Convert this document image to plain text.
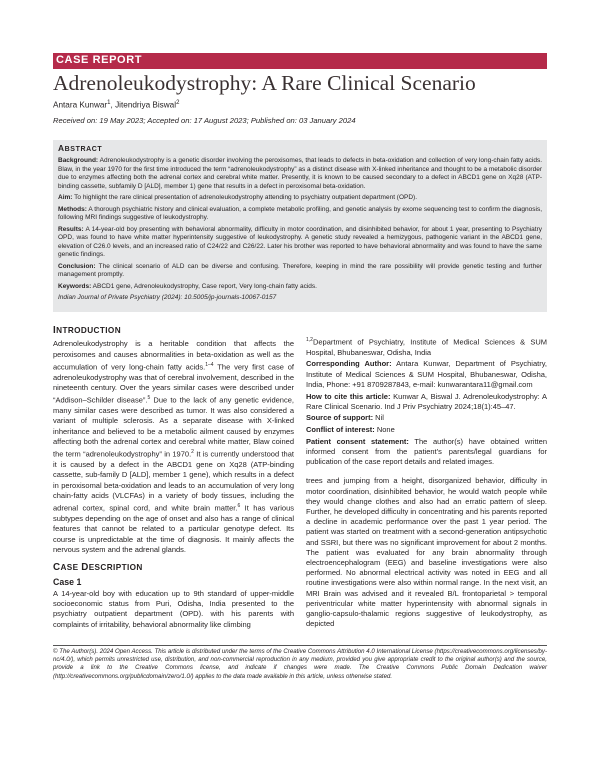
CASE REPORT
Adrenoleukodystrophy: A Rare Clinical Scenario
Antara Kunwar$^1$, Jitendriya Biswal$^2$
Received on: 19 May 2023; Accepted on: 17 August 2023; Published on: 03 January 2024
ABSTRACT

Background: Adrenoleukodystrophy is a genetic disorder involving the peroxisomes, that leads to defects in beta-oxidation and collection of very long-chain fatty acids. Blaw, in the year 1970 for the first time introduced the term “adrenoleukodystrophy” as a distinct disease with X-linked inheritance and thought to be a metabolic disorder due to enzymes affecting both the adrenal cortex and cerebral white matter. Presently, it is known to be caused secondary to a defect in ABCD1 gene on Xq28 (ATP- binding cassette, subfamily D [ALD], member 1) gene that results in a defect in peroxisomal beta-oxidation.

Aim: To highlight the rare clinical presentation of adrenoleukodystrophy attending to psychiatry outpatient department (OPD).

Methods: A thorough psychiatric history and clinical evaluation, a complete metabolic profiling, and genetic analysis by exome sequencing test to confirm the diagnosis, following MRI findings suggestive of leukodystrophy.

Results: A 14-year-old boy presenting with behavioral abnormality, difficulty in motor coordination, and disinhibited behavior, for about 1 year, presenting to Psychiatry OPD, was found to have white matter hyperintensity suggestive of leukodystrophy. A genetic study revealed a hemizygous, pathogenic variant in the ABCD1 gene, elevation of C26.0 levels, and an increased ratio of C24/22 and C26/22. Later his brother was reported to have behavioral abnormality and was found to have the same genetic findings.

Conclusion: The clinical scenario of ALD can be diverse and confusing. Therefore, keeping in mind the rare possibility will provide genetic testing and further management promptly.

Keywords: ABCD1 gene, Adrenoleukodystrophy, Case report, Very long-chain fatty acids.

Indian Journal of Private Psychiatry (2024): 10.5005/jp-journals-10067-0157

INTRODUCTION

Adrenoleukodystrophy is a heritable condition that affects the peroxisomes and causes abnormalities in beta-oxidation as well as the accumulation of very long-chain fatty acids.$^{1-4}$ The very first case of adrenoleukodystrophy was that of cerebral involvement, described in the nineteenth century. Over the years similar cases were described under “Addison–Schilder disease”.$^5$ Due to the lack of any genetic evidence, many similar cases were described as tumor. It was also considered a variant of multiple sclerosis. As a separate disease with X-linked inheritance and believed to be a metabolic ailment caused by enzymes affecting both the adrenal cortex and cerebral white matter, Blaw coined the term “adrenoleukodystrophy” in 1970.$^2$ It is currently understood that it is caused by a defect in the ABCD1 gene on Xq28 (ATP-binding cassette, sub-family D [ALD], member 1 gene), which results in a defect in peroxisomal beta-oxidation and leads to an accumulation of very long chain-fatty acids (VLCFAs) in a variety of body tissues, including the adrenal cortex, spinal cord, and white brain matter.$^6$ It has various subtypes depending on the age of onset and also has a range of clinical features that cannot be related to a particular genotype defect. Its course is unpredictable at the time of diagnosis. It mainly affects the nervous system and the adrenal glands.

CASE DESCRIPTION
Case 1

A 14-year-old boy with education up to 9th standard of upper-middle socioeconomic status from Puri, Odisha, India presented to the psychiatry outpatient department (OPD). with his parents with complaints of irritability, behavioral abnormality like climbing

$^{1,2}$Department of Psychiatry, Institute of Medical Sciences & SUM Hospital, Bhubaneswar, Odisha, India

Corresponding Author: Antara Kunwar, Department of Psychiatry, Institute of Medical Sciences & SUM Hospital, Bhubaneswar, Odisha, India, Phone: +91 8709287843, e-mail: kunwarantara11@gmail.com

How to cite this article: Kunwar A, Biswal J. Adrenoleukodystrophy: A Rare Clinical Scenario. Ind J Priv Psychiatry 2024;18(1):45–47.

Source of support: Nil

Conflict of interest: None

Patient consent statement: The author(s) have obtained written informed consent from the patient’s parents/legal guardians for publication of the case report details and related images.

trees and jumping from a height, disorganized behavior, difficulty in motor coordination, disinhibited behavior, he would watch people while they would change clothes and also had an erratic pattern of sleep. Further, he developed difficulty in concentrating and his parents reported a decline in academic performance over the past 1 year period. The patient was started on treatment with a second-generation antipsychotic and SSRI, but there was no significant improvement for about 2 months. The patient was evaluated for any brain abnormality through electroencephalogram (EEG) and baseline investigations were also performed. No abnormal electrical activity was noted in EEG and all routine investigations were also within normal range. In the next visit, an MRI Brain was advised and it revealed B/L frontoparietal > temporal periventricular white matter hyperintensity with abnormal signals in ganglio-capsulo-thalamic regions suggestive of leukodystrophy, as depicted

© The Author(s). 2024 Open Access. This article is distributed under the terms of the Creative Commons Attribution 4.0 International License (https://creativecommons.org/licenses/by-nc/4.0/), which permits unrestricted use, distribution, and non-commercial reproduction in any medium, provided you give appropriate credit to the original author(s) and the source, provide a link to the Creative Commons license, and indicate if changes were made. The Creative Commons Public Domain Dedication waiver (http://creativecommons.org/publicdomain/zero/1.0/) applies to the data made available in this article, unless otherwise stated.
